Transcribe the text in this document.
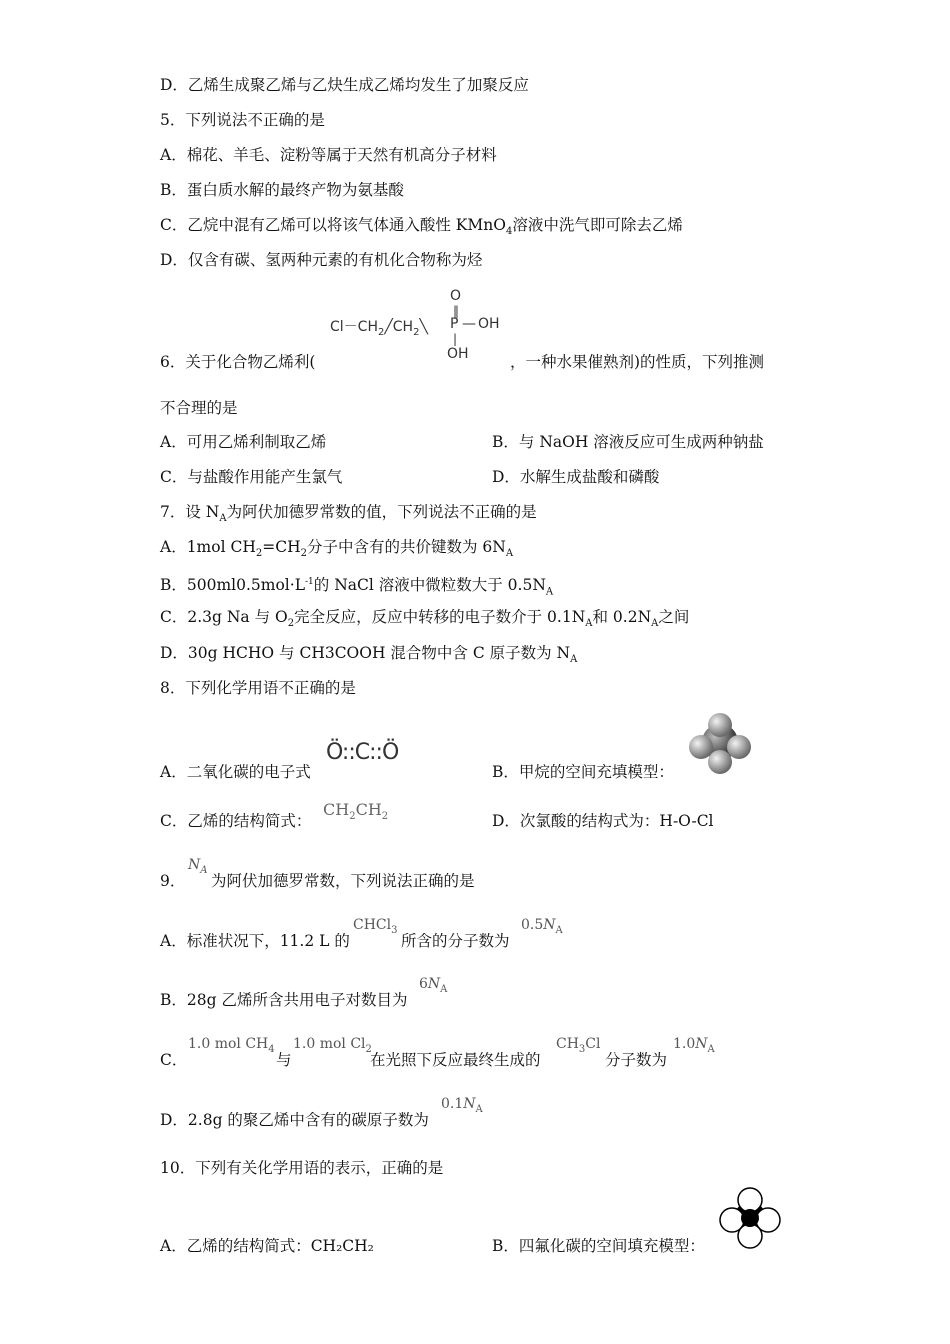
D．乙烯生成聚乙烯与乙炔生成乙烯均发生了加聚反应
5．下列说法不正确的是
A．棉花、羊毛、淀粉等属于天然有机高分子材料
B．蛋白质水解的最终产物为氨基酸
C．乙烷中混有乙烯可以将该气体通入酸性 KMnO$_4$溶液中洗气即可除去乙烯
D．仅含有碳、氢两种元素的有机化合物称为烃
O
‖
$Cl-CH_2╱CH_2╲$ P — OH
|
OH
6．关于化合物乙烯利(	，一种水果催熟剂)的性质，下列推测
不合理的是
A．可用乙烯利制取乙烯	B．与 NaOH 溶液反应可生成两种钠盐
C．与盐酸作用能产生氯气	D．水解生成盐酸和磷酸
7．设 $N_A$为阿伏加德罗常数的值，下列说法不正确的是
A．1mol $CH_2=CH_2$分子中含有的共价键数为 $6N_A$
B．$500ml0.5mol\cdot L^{-1}$的 NaCl 溶液中微粒数大于 $0.5N_A$
C．2.3g Na 与 $O_2$完全反应，反应中转移的电子数介于 $0.1N_A$和 $0.2N_A$之间
D．30g HCHO 与 CH3COOH 混合物中含 C 原子数为 $N_A$
8．下列化学用语不正确的是
A．二氧化碳的电子式
Ö::C::Ö
B．甲烷的空间充填模型：
C．乙烯的结构简式：
$CH_2CH_2$	D．次氯酸的结构式为：H-O-Cl
9．
$N_A$
为阿伏加德罗常数，下列说法正确的是
A．标准状况下，11.2 L 的
CHCl$_3$
所含的分子数为
$0.5N_A$
B．28g 乙烯所含共用电子对数目为
$6N_A$
C．
1.0 mol $CH_4$
与
1.0 mol $Cl_2$
在光照下反应最终生成的
$CH_3Cl$
分子数为
$1.0N_A$
D．2.8g 的聚乙烯中含有的碳原子数为
$0.1N_A$
10．下列有关化学用语的表示，正确的是
A．乙烯的结构简式：CH₂CH₂	B．四氟化碳的空间填充模型：
